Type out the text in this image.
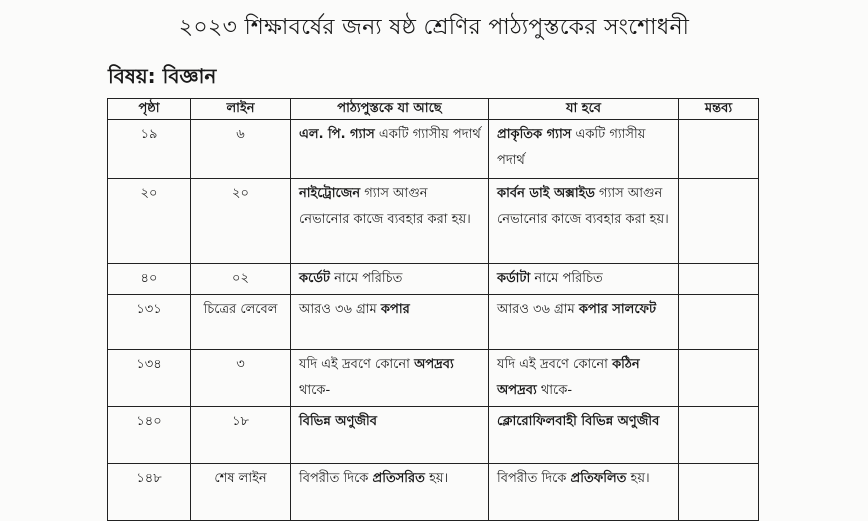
২০২৩ শিক্ষাবর্ষের জন্য ষষ্ঠ শ্রেণির পাঠ্যপুস্তকের সংশোধনী
বিষয়: বিজ্ঞান
পৃষ্ঠা	লাইন	পাঠ্যপুস্তকে যা আছে	যা হবে	মন্তব্য
১৯	৬	এল. পি. গ্যাস একটি গ্যাসীয় পদার্থ	প্রাকৃতিক গ্যাস একটি গ্যাসীয় পদার্থ	
২০	২০	নাইট্রোজেন গ্যাস আগুন নেভানোর কাজে ব্যবহার করা হয়।	কার্বন ডাই অক্সাইড গ্যাস আগুন নেভানোর কাজে ব্যবহার করা হয়।	
৪০	০২	কর্ডেট নামে পরিচিত	কর্ডাটা নামে পরিচিত	
১৩১	চিত্রের লেবেল	আরও ৩৬ গ্রাম কপার	আরও ৩৬ গ্রাম কপার সালফেট	
১৩৪	৩	যদি এই দ্রবণে কোনো অপদ্রব্য থাকে-	যদি এই দ্রবণে কোনো কঠিন অপদ্রব্য থাকে-	
১৪০	১৮	বিভিন্ন অণুজীব	ক্লোরোফিলবাহী বিভিন্ন অণুজীব	
১৪৮	শেষ লাইন	বিপরীত দিকে প্রতিসরিত হয়।	বিপরীত দিকে প্রতিফলিত হয়।	
